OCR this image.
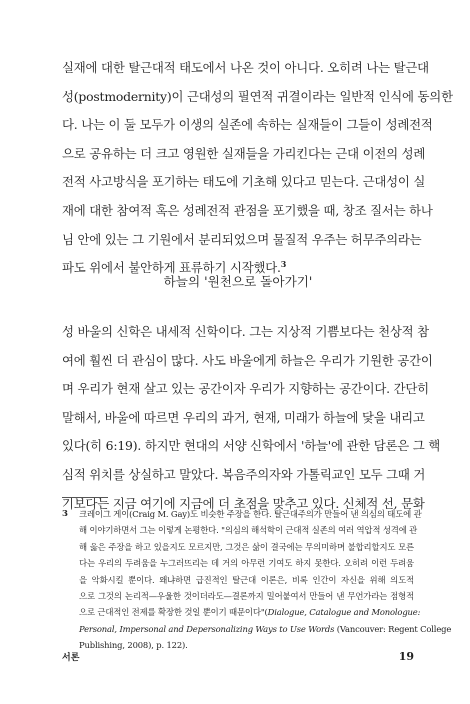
실재에 대한 탈근대적 태도에서 나온 것이 아니다. 오히려 나는 탈근대
성(postmodernity)이 근대성의 필연적 귀결이라는 일반적 인식에 동의한
다. 나는 이 둘 모두가 이생의 실존에 속하는 실재들이 그들이 성례전적
으로 공유하는 더 크고 영원한 실재들을 가리킨다는 근대 이전의 성례
전적 사고방식을 포기하는 태도에 기초해 있다고 믿는다. 근대성이 실
재에 대한 참여적 혹은 성례전적 관점을 포기했을 때, 창조 질서는 하나
님 안에 있는 그 기원에서 분리되었으며 물질적 우주는 허무주의라는
파도 위에서 불안하게 표류하기 시작했다.$^3$
하늘의 '원천으로 돌아가기'
성 바울의 신학은 내세적 신학이다. 그는 지상적 기쁨보다는 천상적 참
여에 훨씬 더 관심이 많다. 사도 바울에게 하늘은 우리가 기원한 공간이
며 우리가 현재 살고 있는 공간이자 우리가 지향하는 공간이다. 간단히
말해서, 바울에 따르면 우리의 과거, 현재, 미래가 하늘에 닻을 내리고
있다(히 6:19). 하지만 현대의 서양 신학에서 '하늘'에 관한 담론은 그 핵
심적 위치를 상실하고 말았다. 복음주의자와 가톨릭교인 모두 그때 거
기보다는 지금 여기에 지금에 더 초점을 맞추고 있다. 신체적 선, 문화
3 크레이그 게이(Craig M. Gay)도 비슷한 주장을 한다. 탈근대주의가 만들어 낸 의심의 태도에 관
해 이야기하면서 그는 이렇게 논평한다. "의심의 해석학이 근대적 실존의 여러 역압적 성격에 관
해 옳은 주장을 하고 있을지도 모르지만, 그것은 삶이 결국에는 무의미하며 불합리할지도 모른
다는 우리의 두려움을 누그러뜨리는 데 거의 아무런 기여도 하지 못한다. 오히려 이런 두려움
을 악화시킬 뿐이다. 왜냐하면 급진적인 탈근대 이론은, 비록 인간이 자신을 위해 의도적
으로 그것의 논리적—우울한 것이더라도—결론까지 밀어붙여서 만들어 낸 무언가라는 점형적
으로 근대적인 전제를 확장한 것일 뿐이기 때문이다"(Dialogue, Catalogue and Monologue:
Personal, Impersonal and Depersonalizing Ways to Use Words (Vancouver: Regent College
Publishing, 2008), p. 122).
서론	19
